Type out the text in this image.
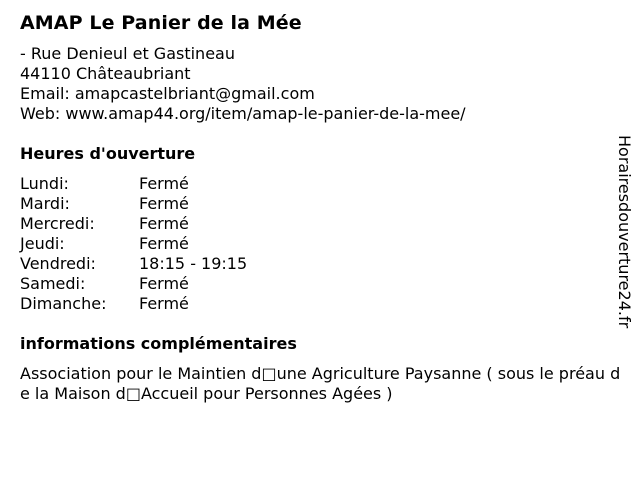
AMAP Le Panier de la Mée
- Rue Denieul et Gastineau
44110 Châteaubriant
Email: amapcastelbriant@gmail.com
Web: www.amap44.org/item/amap-le-panier-de-la-mee/
Heures d'ouverture
Lundi:	Fermé
Mardi:	Fermé
Mercredi:	Fermé
Jeudi:	Fermé
Vendredi:	18:15 - 19:15
Samedi:	Fermé
Dimanche:	Fermé
informations complémentaires
Association pour le Maintien d□une Agriculture Paysanne ( sous le préau de la Maison d□Accueil pour Personnes Agées )
Horairesdouverture24.fr
